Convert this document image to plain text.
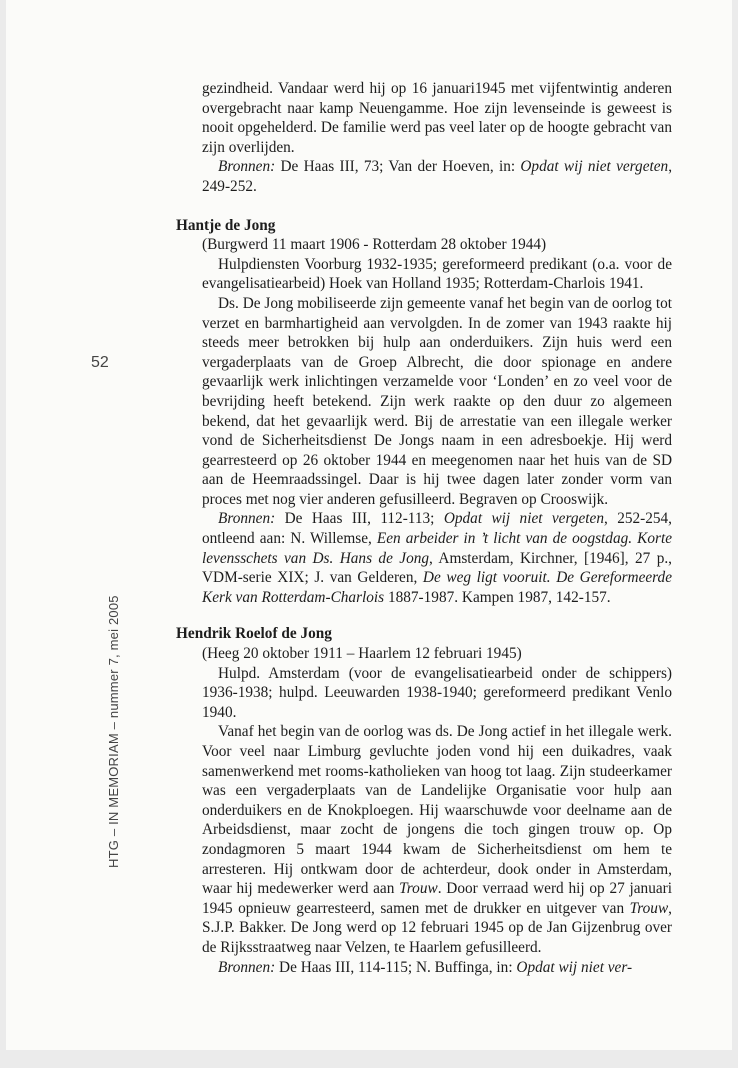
52
HTG – IN MEMORIAM – nummer 7, mei 2005

gezindheid. Vandaar werd hij op 16 januari1945 met vijfentwintig anderen overgebracht naar kamp Neuengamme. Hoe zijn levenseinde is geweest is nooit opgehelderd. De familie werd pas veel later op de hoogte gebracht van zijn overlijden.

Bronnen: De Haas III, 73; Van der Hoeven, in: Opdat wij niet vergeten, 249-252.

Hantje de Jong

(Burgwerd 11 maart 1906 - Rotterdam 28 oktober 1944)

Hulpdiensten Voorburg 1932-1935; gereformeerd predikant (o.a. voor de evangelisatiearbeid) Hoek van Holland 1935; Rotterdam-Charlois 1941.

Ds. De Jong mobiliseerde zijn gemeente vanaf het begin van de oorlog tot verzet en barmhartigheid aan vervolgden. In de zomer van 1943 raakte hij steeds meer betrokken bij hulp aan onderduikers. Zijn huis werd een vergaderplaats van de Groep Albrecht, die door spionage en andere gevaarlijk werk inlichtingen verzamelde voor ‘Londen’ en zo veel voor de bevrijding heeft betekend. Zijn werk raakte op den duur zo algemeen bekend, dat het gevaarlijk werd. Bij de arrestatie van een illegale werker vond de Sicherheitsdienst De Jongs naam in een adresboekje. Hij werd gearresteerd op 26 oktober 1944 en meegenomen naar het huis van de SD aan de Heemraadssingel. Daar is hij twee dagen later zonder vorm van proces met nog vier anderen gefusilleerd. Begraven op Crooswijk.

Bronnen: De Haas III, 112-113; Opdat wij niet vergeten, 252-254, ontleend aan: N. Willemse, Een arbeider in ’t licht van de oogstdag. Korte levensschets van Ds. Hans de Jong, Amsterdam, Kirchner, [1946], 27 p., VDM-serie XIX; J. van Gelderen, De weg ligt vooruit. De Gereformeerde Kerk van Rotterdam-Charlois 1887-1987. Kampen 1987, 142-157.

Hendrik Roelof de Jong

(Heeg 20 oktober 1911 – Haarlem 12 februari 1945)

Hulpd. Amsterdam (voor de evangelisatiearbeid onder de schippers) 1936-1938; hulpd. Leeuwarden 1938-1940; gereformeerd predikant Venlo 1940.

Vanaf het begin van de oorlog was ds. De Jong actief in het illegale werk. Voor veel naar Limburg gevluchte joden vond hij een duikadres, vaak samenwerkend met rooms-katholieken van hoog tot laag. Zijn studeerkamer was een vergaderplaats van de Landelijke Organisatie voor hulp aan onderduikers en de Knokploegen. Hij waarschuwde voor deelname aan de Arbeidsdienst, maar zocht de jongens die toch gingen trouw op. Op zondagmoren 5 maart 1944 kwam de Sicherheitsdienst om hem te arresteren. Hij ontkwam door de achterdeur, dook onder in Amsterdam, waar hij medewerker werd aan Trouw. Door verraad werd hij op 27 januari 1945 opnieuw gearresteerd, samen met de drukker en uitgever van Trouw, S.J.P. Bakker. De Jong werd op 12 februari 1945 op de Jan Gijzenbrug over de Rijksstraatweg naar Velzen, te Haarlem gefusilleerd.

Bronnen: De Haas III, 114-115; N. Buffinga, in: Opdat wij niet ver-
